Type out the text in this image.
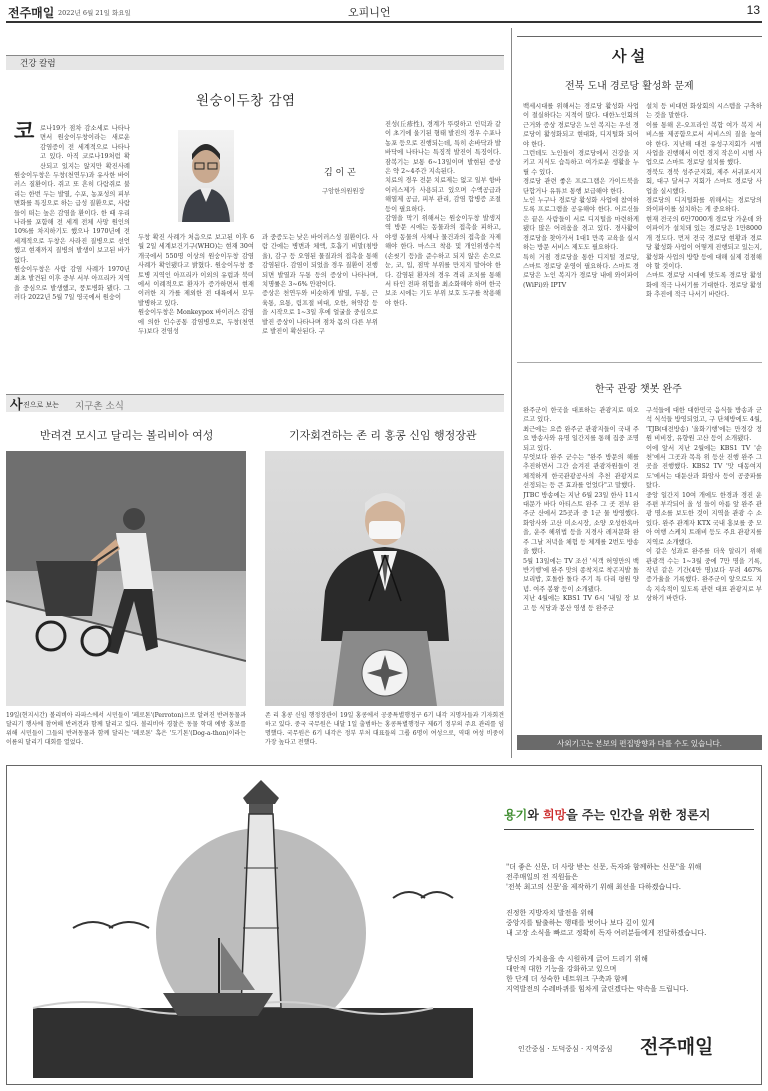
전주매일 2022년 6월 21일 화요일	오피니언	13
건강 칼럼
원숭이두창 감염
코 로나19가 점차 감소세로 나타나면서 원숭이두창이라는 새로운 감염증이 전 세계적으로 나타나고 있다. 아직 코로나19처럼 확산되고 있지는 않지만 확진사례
원숭이두창은 두창(천연두)과 유사한 바이러스 질환이다. 쥐고 또 흔히 다람쥐로 불리는 한번 두는 발열, 수포, 농포성의 피부 변화를 특징으로 하는 급성 질환으로, 사람들이 떠는 높은 감염을 환이다. 한 때 우리나라를 포함해 전 세계 전체 사망 원인의 10%를 차지하기도 했으나 1970년에 전 세계적으로 두창은 사라진 질병으로 선언했고 현재까지 질병의 발생이 보고된 바가 없다.
원숭이두창은 사람 감염 사례가 1970년 최초 발견된 이후 중부 서부 아프리카 지역을 중심으로 발생했고, 풍토병화 됐다. 그러다 2022년 5월 7일 영국에서 원숭이
김 이 곤
구암한의원원장
두창 확진 사례가 처음으로 보고된 이후 6월 2일 세계보건기구(WHO)는 현재 30여개국에서 550명 이상의 원숭이두창 감염 사례가 확인됐다고 밝혔다. 원숭이두창 풍토병 지역인 아프리카 이외의 유럽과 북미에서 이례적으로 환자가 증가하면서 현재 이러한 지 가를 제외한 전 대륙에서 모두 발병하고 있다.
원숭이두창은 Monkeypox 바이러스 감염에 의한 인수공통 감염병으로, 두창(천연두)보다 전염성
과 중증도는 낮은 바이러스성 질환이다. 사람 간에는 병변과 체액, 호흡기 비말(침방울), 감구 등 오염된 물질과의 접촉을 통해 감염된다. 감염이 되었을 경우 질환이 진행되면 발열과 두통 등의 증상이 나타나며, 치명률은 3~6% 안팎이다.
증상은 천연두와 비슷하게 발열, 두통, 근육통, 요통, 림프절 비대, 오한, 허약감 등을 시작으로 1~3일 후에 얼굴을 중심으로 발진 증상이 나타나며 점차 몸의 다른 부위로 발진이 확산된다. 구
진성(丘疹性), 경계가 뚜렷하고 인덕과 같이 초기에 울기된 형태 발진의 경우 수포나 농포 등으로 진행되는데, 특히 손바닥과 발바닥에 나타나는 특징적 발진이 특징이다. 잠복기는 보통 6~13일이며 발현된 증상은 약 2~4주간 지속된다.
치료의 경우 전문 치료제는 없고 일부 항바이러스제가 사용되고 있으며 수액공급과 해열제 공급, 피부 관리, 감염 합병증 조절 등이 필요하다.
감염을 막기 위해서는 원숭이두창 발생지역 방문 시에는 동물과의 접촉을 피하고, 야생 동물의 사체나 물건과의 접촉을 자제해야 한다. 마스크 착용 및 개인위생수칙(손씻기 등)을 준수하고 되지 않은 손으로 눈, 코, 입, 점막 부위를 만지지 말아야 한다. 감염된 환자의 경우 격리 조치를 통해서 타인 전파 위험을 최소화해야 하며 한국 보조 시에는 기도 부위 보호 도구를 착용해야 한다.
사 설
전북 도내 경로당 활성화 문제
백세시대를 위해서는 경로당 활성화 사업이 절실하다는 지적이 많다. 대한노인회의 근거와 증상 경로당은 노인 복지는 우선 경로당이 활성화되고 현대화, 디지털화 되어야 한다.
그런데도 노인들이 경로당에서 건강을 지키고 지식도 습득하고 여가로운 생활을 누릴 수 있다.
경로당 관련 좋은 프로그램은 가이드북을 단합거나 유튜브 통행 보급해야 한다.
노인 누구나 경로당 활성화 사업에 참여하도록 프로그램을 공유해야 한다. 어르신들은 끝은 사람들이 서로 디지털을 마련하게 됐다 많은 어려움을 겪고 있다. 경사활이 경로당을 찾아가서 1대1 만족 교육을 실시하는 방문 서비스 제도도 필요하다.
특히 거점 경로당을 통한 디지털 경로당, 스마트 경로당 운영이 필요하다. 스마트 경로당은 노인 복지가 경로당 내에 와이파이(WiFi)와 IPTV
설치 등 비대면 화상회의 시스템을 구축하는 것을 말한다.
이를 통해 온-오프라인 복합 여가 복지 서비스를 제공함으로서 서비스의 질을 높여야 한다. 지난해 대전 유성구지회가 시범 사업을 진행해서 이런 경지 작은이 시범 사업으로 스마트 경로당 설치를 했다.
경북도 경북 성주군지회, 제주 서귀포시지회, 대구 달서구 지회가 스마트 경로당 사업을 실시했다.
경로당의 디지털화를 위해서는 경로당의 와이파이를 설치하는 게 중요하다.
현재 전국의 6만7000개 경로당 가운데 와이파이가 설치돼 있는 경로당은 1만8000개 정도다. 먼저 전국 경로당 현황과 경로당 활성화 사업이 어떻게 진행되고 있는지, 활성화 사업의 방향 등에 대해 실제 검점해야 할 것이다.
스마트 경로당 시대에 맞도록 경로당 활성화에 적극 나서기를 기대한다. 경로당 활성화 추진에 적극 나서기 바란다.
한국 관광 챗봇 완주
완주군이 한국을 대표하는 관광지로 떠오르고 있다.
최근에는 요즘 완주군 관광지들이 국내 주요 방송사와 유명 일간지를 통해 집중 조명되고 있다.
무엇보다 완주 군수는 "완주 방문의 해를 추진하면서 그간 숨겨진 관광자원들이 전체적하게 한국관광공사의 추천 관광지로 선정되는 등 큰 효과를 얻었다"고 말했다.
JTBC 방송에는 지난 6월 23일 한사 11시 대문가 바다 아티스트 완주 그 곳 전부 완주군 산에서 25곳과 중 1군 물 방영했다. 화암사와 고산 미소시장, 소양 오성한옥마을, 운주 헤위법 등을 지경사 레저문화 완주 그날 저녁을 체험 등 체계를 2번도 방송을 했다.
5월 13일에는 TV 조선 '식객 허영만의 백반기행'에 완주 맛의 종착지로 착곤지발 돌보리밥, 호돌한 돌다 주기 특 다리 평원 양념. 여주 봉왕 등이 소개됐다.
지난 4월에는 KBS1 TV 6시 '내일 장 보고 등 식당과 봉산 영생 등 완주군
구석들에 대한 대한민국 음식들 방송과 군석 식석들 방영되었고, 구 단체방에도 4월, 'TJB(대전방송) '올화기행'에는 만경강 정원 비비장, 유향원 고산 등이 소개됐다.
이에 앞서 지난 2월에는 KBS1 TV '순천'에서 그곳과 목욕 위 등산 진행 완주 그 곳을 진행했다. KBS2 TV '맛 대동여지도'에서는 대둔산과 화암사 등이 공중파를 탔다.
중앙 일간지 10여 개에도 한경과 경진 운주편 부각되어 올 성 들이 아름 앞 완주 관광 명소를 보도한 것이 지역을 관광 수 소 있다. 완주 관계자 KTX 국내 홍보를 중 모아 여행 스케치 트래비 등도 주요 관광지를 지역로 소개했다.
이 같은 성과로 완주를 더욱 알리기 위해 관광객 수는 1~3월 중에 7만 명을 기록, 작년 같은 기간(4만 명)보다 무려 467% 증가율을 기록했다. 완주군이 앞으로도 지속 지속적이 있도록 관련 대표 관광지로 부상하기 바란다.
사외기고는 본보의 편집방향과 다를 수도 있습니다.
사 진으로 보는 지구촌 소식
반려견 모시고 달리는 볼리비아 여성
19일(현지시간) 볼리비아 라파스에서 시민들이 '페로톤'(Perroton)으로 알려진 반려동물과 달리기 행사에 참여해 반려견과 함께 달리고 있다. 볼리비아 경찰은 동물 학대 예방 홍보를 위해 시민들이 그들의 반려동물과 함께 달리는 '페로톤' 혹은 '도기톤'(Dog-a-thon)이라는 이름의 달리기 대회를 열었다.
기자회견하는 존 리 홍콩 신임 행정장관
존 리 홍콩 신임 행정장관이 19일 홍콩에서 공중특별행정구 6기 내각 지명자들과 기자회견하고 있다. 중국 국무원은 내달 1일 출범하는 홍콩특별행정구 제6기 정부의 주요 관리를 임명했다. 국무원은 6기 내각은 정부 부처 대표들의 그룹 6명이 여성으로, 역대 여성 비중이 가장 높다고 전했다.
용기와 희망을 주는 인간을 위한 정론지
"더 좋은 신문, 더 사랑 받는 신문, 독자와 함께하는 신문"을 위해
전주매일의 전 직원들은
'전북 최고의 신문'을 제작하기 위해 최선을 다하겠습니다.
진정한 지방자치 발전을 위해
중앙지를 탈출하는 행태를 벗어나 보다 깊이 있게
내 고장 소식을 빠르고 정확히 독자 여러분들에게 전달하겠습니다.
당신의 가치음을 속 시원하게 긁어 드리기 위해
대안적 대한 기능을 강화하고 있으며
한 단계 더 성숙한 네트워크 구축과 함께
지역발전의 수레바퀴를 힘차게 굴린겠다는 약속을 드립니다.
인간중심 · 도덕중심 · 지역중심 전주매일
